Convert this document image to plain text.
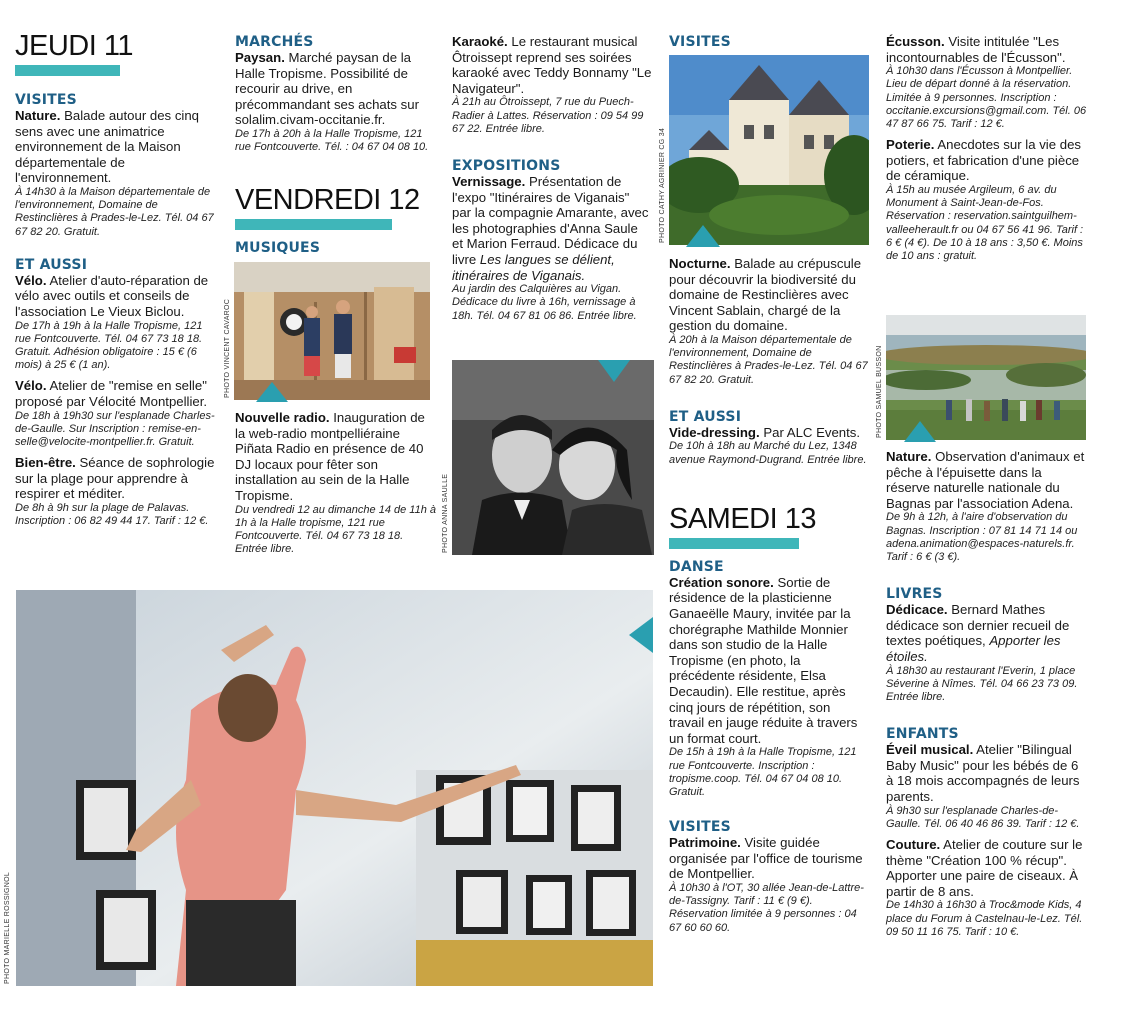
JEUDI 11
VISITES

Nature. Balade autour des cinq sens avec une animatrice environnement de la Maison départementale de l'environnement.

À 14h30 à la Maison départementale de l'environnement, Domaine de Restinclières à Prades-le-Lez. Tél. 04 67 67 82 20. Gratuit.

ET AUSSI

Vélo. Atelier d'auto-réparation de vélo avec outils et conseils de l'association Le Vieux Biclou.

De 17h à 19h à la Halle Tropisme, 121 rue Fontcouverte. Tél. 04 67 73 18 18. Gratuit. Adhésion obligatoire : 15 € (6 mois) à 25 € (1 an).

Vélo. Atelier de "remise en selle" proposé par Vélocité Montpellier.

De 18h à 19h30 sur l'esplanade Charles-de-Gaulle. Sur Inscription : remise-en-selle@velocite-montpellier.fr. Gratuit.

Bien-être. Séance de sophrologie sur la plage pour apprendre à respirer et méditer.

De 8h à 9h sur la plage de Palavas. Inscription : 06 82 49 44 17. Tarif : 12 €.

MARCHÉS

Paysan. Marché paysan de la Halle Tropisme. Possibilité de recourir au drive, en précommandant ses achats sur solalim.civam-occitanie.fr.

De 17h à 20h à la Halle Tropisme, 121 rue Fontcouverte. Tél. : 04 67 04 08 10.

VENDREDI 12
MUSIQUES
PHOTO VINCENT CAVAROC

Nouvelle radio. Inauguration de la web-radio montpelliéraine Piñata Radio en présence de 40 DJ locaux pour fêter son installation au sein de la Halle Tropisme.

Du vendredi 12 au dimanche 14 de 11h à 1h à la Halle tropisme, 121 rue Fontcouverte. Tél. 04 67 73 18 18. Entrée libre.

Karaoké. Le restaurant musical Ôtroissept reprend ses soirées karaoké avec Teddy Bonnamy "Le Navigateur".

À 21h au Ôtroissept, 7 rue du Puech-Radier à Lattes. Réservation : 09 54 99 67 22. Entrée libre.

EXPOSITIONS

Vernissage. Présentation de l'expo "Itinéraires de Viganais" par la compagnie Amarante, avec les photographies d'Anna Saule et Marion Ferraud. Dédicace du livre Les langues se délient, itinéraires de Viganais.

Au jardin des Calquières au Vigan. Dédicace du livre à 16h, vernissage à 18h. Tél. 04 67 81 06 86. Entrée libre.

PHOTO ANNA SAULLE
VISITES
PHOTO CATHY AGRINIER CG 34

Nocturne. Balade au crépuscule pour découvrir la biodiversité du domaine de Restinclières avec Vincent Sablain, chargé de la gestion du domaine.

À 20h à la Maison départementale de l'environnement, Domaine de Restinclières à Prades-le-Lez. Tél. 04 67 67 82 20. Gratuit.

ET AUSSI

Vide-dressing. Par ALC Events.

De 10h à 18h au Marché du Lez, 1348 avenue Raymond-Dugrand. Entrée libre.

SAMEDI 13
DANSE

Création sonore. Sortie de résidence de la plasticienne Ganaeëlle Maury, invitée par la chorégraphe Mathilde Monnier dans son studio de la Halle Tropisme (en photo, la précédente résidente, Elsa Decaudin). Elle restitue, après cinq jours de répétition, son travail en jauge réduite à travers un format court.

De 15h à 19h à la Halle Tropisme, 121 rue Fontcouverte. Inscription : tropisme.coop. Tél. 04 67 04 08 10. Gratuit.

VISITES

Patrimoine. Visite guidée organisée par l'office de tourisme de Montpellier.

À 10h30 à l'OT, 30 allée Jean-de-Lattre-de-Tassigny. Tarif : 11 € (9 €). Réservation limitée à 9 personnes : 04 67 60 60 60.

Écusson. Visite intitulée "Les incontournables de l'Écusson".

À 10h30 dans l'Écusson à Montpellier. Lieu de départ donné à la réservation. Limitée à 9 personnes. Inscription : occitanie.excursions@gmail.com. Tél. 06 47 87 66 75. Tarif : 12 €.

Poterie. Anecdotes sur la vie des potiers, et fabrication d'une pièce de céramique.

À 15h au musée Argileum, 6 av. du Monument à Saint-Jean-de-Fos. Réservation : reservation.saintguilhem-valleeherault.fr ou 04 67 56 41 96. Tarif : 6 € (4 €). De 10 à 18 ans : 3,50 €. Moins de 10 ans : gratuit.

PHOTO SAMUEL BUSSON

Nature. Observation d'animaux et pêche à l'épuisette dans la réserve naturelle nationale du Bagnas par l'association Adena.

De 9h à 12h, à l'aire d'observation du Bagnas. Inscription : 07 81 14 71 14 ou adena.animation@espaces-naturels.fr. Tarif : 6 € (3 €).

LIVRES

Dédicace. Bernard Mathes dédicace son dernier recueil de textes poétiques, Apporter les étoiles.

À 18h30 au restaurant l'Everin, 1 place Séverine à Nîmes. Tél. 04 66 23 73 09. Entrée libre.

ENFANTS

Éveil musical. Atelier "Bilingual Baby Music" pour les bébés de 6 à 18 mois accompagnés de leurs parents.

À 9h30 sur l'esplanade Charles-de-Gaulle. Tél. 06 40 46 86 39. Tarif : 12 €.

Couture. Atelier de couture sur le thème "Création 100 % récup". Apporter une paire de ciseaux. À partir de 8 ans.

De 14h30 à 16h30 à Troc&mode Kids, 4 place du Forum à Castelnau-le-Lez. Tél. 09 50 11 16 75. Tarif : 10 €.

PHOTO MARIELLE ROSSIGNOL
